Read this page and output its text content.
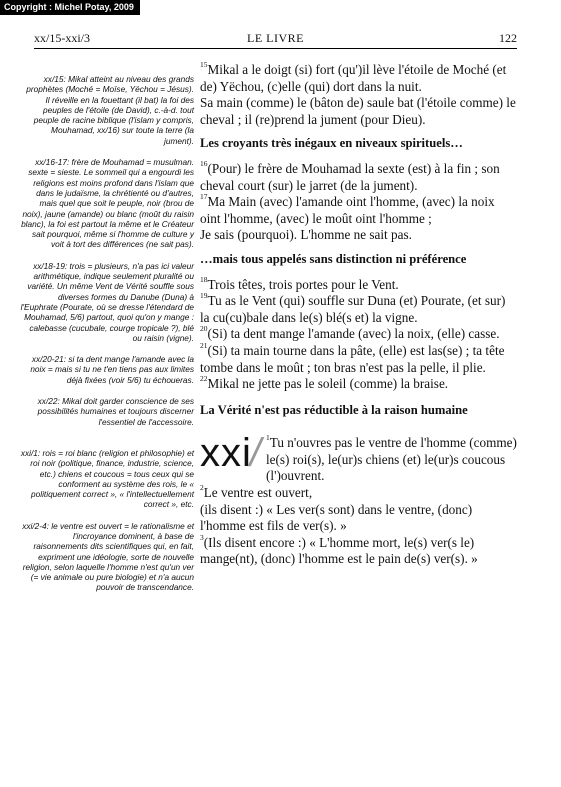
Copyright : Michel Potay, 2009
xx/15-xxi/3	LE LIVRE	122

xx/15: Mikal atteint au niveau des grands prophètes (Moché = Moïse, Yëchou = Jésus). Il réveille en la fouettant (il bat) la foi des peuples de l'étoile (de David), c.-à-d. tout peuple de racine biblique (l'islam y compris, Mouhamad, xx/16) sur toute la terre (la jument).

xx/16-17: frère de Mouhamad = musulman. sexte = sieste. Le sommeil qui a engourdi les religions est moins profond dans l'islam que dans le judaïsme, la chrétienté ou d'autres, mais quel que soit le peuple, noir (brou de noix), jaune (amande) ou blanc (moût du raisin blanc), la foi est partout la même et le Créateur sait pourquoi, même si l'homme de culture y voit à tort des différences (ne sait pas).

xx/18-19: trois = plusieurs, n'a pas ici valeur arithmétique, indique seulement pluralité ou variété. Un même Vent de Vérité souffle sous diverses formes du Danube (Duna) à l'Euphrate (Pourate, où se dresse l'étendard de Mouhamad, 5/6) partout, quoi qu'on y mange : calebasse (cucubale, courge tropicale ?), blé ou raisin (vigne).

xx/20-21: si ta dent mange l'amande avec la noix = mais si tu ne t'en tiens pas aux limites déjà fixées (voir 5/6) tu échoueras.

xx/22: Mikal doit garder conscience de ses possibilités humaines et toujours discerner l'essentiel de l'accessoire.

xxi/1: rois = roi blanc (religion et philosophie) et roi noir (politique, finance, industrie, science, etc.) chiens et coucous = tous ceux qui se conforment au système des rois, le « politiquement correct », « l'intellectuellement correct », etc.

xxi/2-4: le ventre est ouvert = le rationalisme et l'incroyance dominent, à base de raisonnements dits scientifiques qui, en fait, expriment une idéologie, sorte de nouvelle religion, selon laquelle l'homme n'est qu'un ver (= vie animale ou pure biologie) et n'a aucun pouvoir de transcendance.

$^{15}$Mikal a le doigt (si) fort (qu')il lève l'étoile de Moché (et de) Yëchou, (c)elle (qui) dort dans la nuit.

Sa main (comme) le (bâton de) saule bat (l'étoile comme) le cheval ; il (re)prend la jument (pour Dieu).

Les croyants très inégaux en niveaux spirituels…

$^{16}$(Pour) le frère de Mouhamad la sexte (est) à la fin ; son cheval court (sur) le jarret (de la jument).

$^{17}$Ma Main (avec) l'amande oint l'homme, (avec) la noix oint l'homme, (avec) le moût oint l'homme ;

Je sais (pourquoi). L'homme ne sait pas.

…mais tous appelés sans distinction ni préférence

$^{18}$Trois têtes, trois portes pour le Vent.

$^{19}$Tu as le Vent (qui) souffle sur Duna (et) Pourate, (et sur) la cu(cu)bale dans le(s) blé(s et) la vigne.

$^{20}$(Si) ta dent mange l'amande (avec) la noix, (elle) casse.

$^{21}$(Si) ta main tourne dans la pâte, (elle) est las(se) ; ta tête tombe dans le moût ; ton bras n'est pas la pelle, il plie.

$^{22}$Mikal ne jette pas le soleil (comme) la braise.

La Vérité n'est pas réductible à la raison humaine

xxi/ $^1$Tu n'ouvres pas le ventre de l'homme (comme) le(s) roi(s), le(ur)s chiens (et) le(ur)s coucous (l')ouvrent.

$^2$Le ventre est ouvert,

(ils disent :) « Les ver(s sont) dans le ventre, (donc) l'homme est fils de ver(s). »

$^3$(Ils disent encore :) « L'homme mort, le(s) ver(s le) mange(nt), (donc) l'homme est le pain de(s) ver(s). »
